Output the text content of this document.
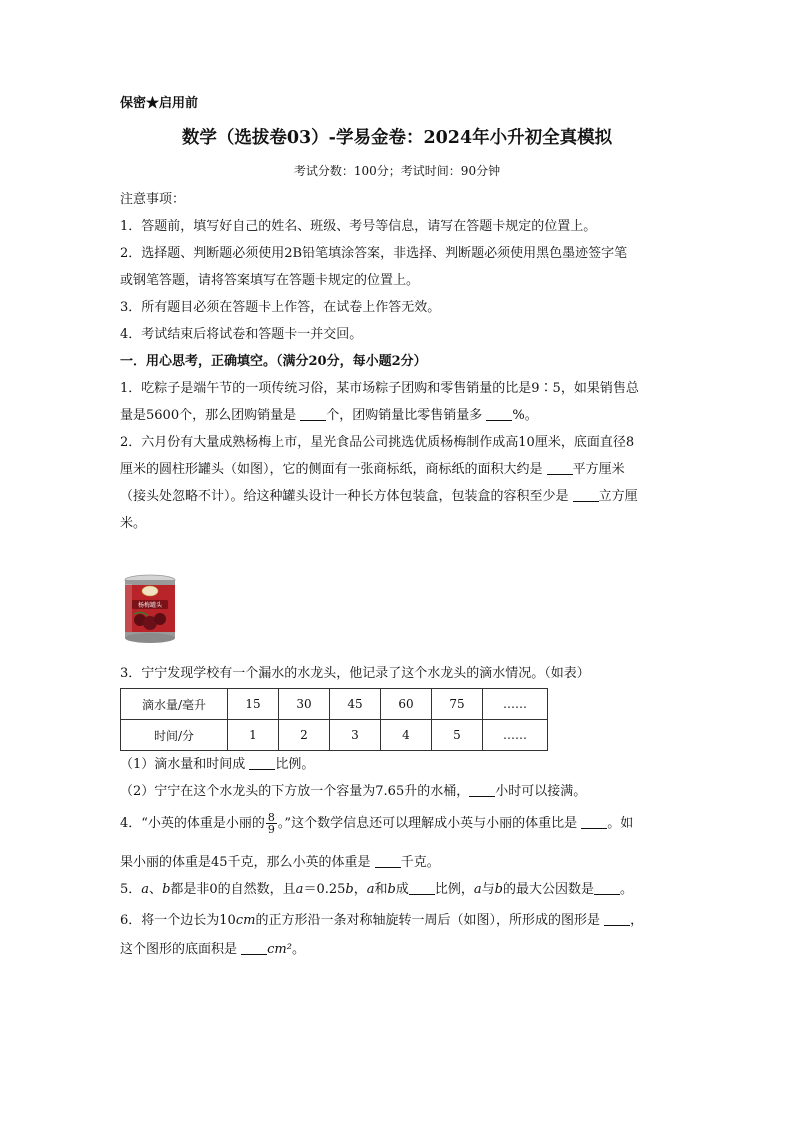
保密★启用前
数学（选拔卷03）-学易金卷：2024年小升初全真模拟
考试分数：100分；考试时间：90分钟
注意事项：
1．答题前，填写好自己的姓名、班级、考号等信息，请写在答题卡规定的位置上。
2．选择题、判断题必须使用2B铅笔填涂答案，非选择、判断题必须使用黑色墨迹签字笔
或钢笔答题，请将答案填写在答题卡规定的位置上。
3．所有题目必须在答题卡上作答，在试卷上作答无效。
4．考试结束后将试卷和答题卡一并交回。
一．用心思考，正确填空。（满分20分，每小题2分）
1．吃粽子是端午节的一项传统习俗，某市场粽子团购和零售销量的比是9∶5，如果销售总
量是5600个，那么团购销量是 个，团购销量比零售销量多 %。
2．六月份有大量成熟杨梅上市，星光食品公司挑选优质杨梅制作成高10厘米，底面直径8
厘米的圆柱形罐头（如图），它的侧面有一张商标纸，商标纸的面积大约是 平方厘米
（接头处忽略不计）。给这种罐头设计一种长方体包装盒，包装盒的容积至少是 立方厘
米。
杨梅罐头
3．宁宁发现学校有一个漏水的水龙头，他记录了这个水龙头的滴水情况。（如表）
滴水量/毫升	15	30	45	60	75	……
时间/分	1	2	3	4	5	……
（1）滴水量和时间成 比例。
（2）宁宁在这个水龙头的下方放一个容量为7.65升的水桶， 小时可以接满。
4．“小英的体重是小丽的 $\frac{8}{9}$ 。”这个数学信息还可以理解成小英与小丽的体重比是 。如
果小丽的体重是45千克，那么小英的体重是 千克。
5．a、b都是非0的自然数，且a＝0.25b，a和b成 比例，a与b的最大公因数是 。
6．将一个边长为10cm的正方形沿一条对称轴旋转一周后（如图），所形成的图形是 ，
这个图形的底面积是 cm²。
